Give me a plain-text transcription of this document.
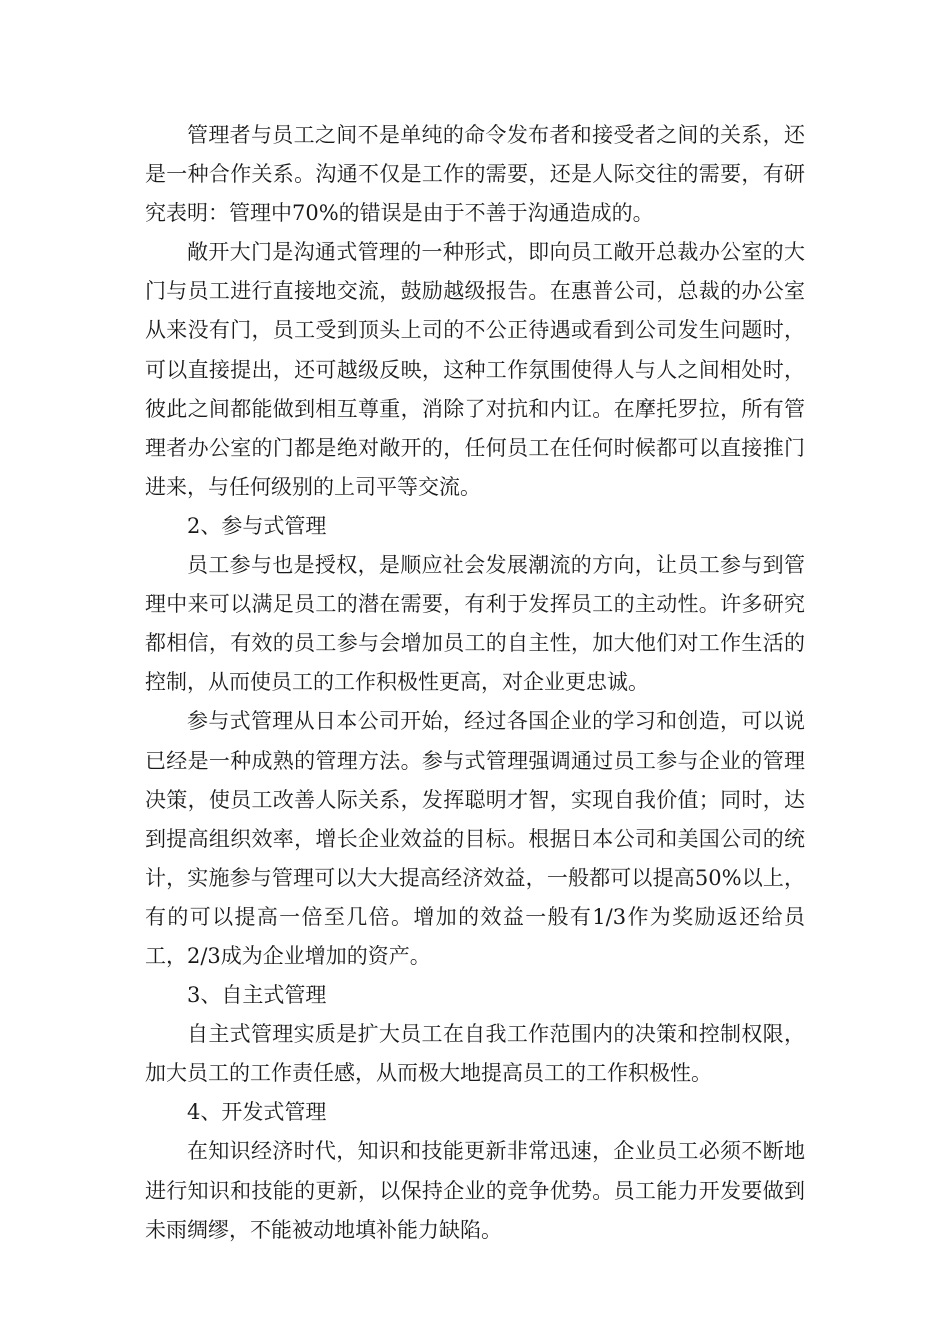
管理者与员工之间不是单纯的命令发布者和接受者之间的关系，还是一种合作关系。沟通不仅是工作的需要，还是人际交往的需要，有研究表明：管理中70%的错误是由于不善于沟通造成的。

敞开大门是沟通式管理的一种形式，即向员工敞开总裁办公室的大门与员工进行直接地交流，鼓励越级报告。在惠普公司，总裁的办公室从来没有门，员工受到顶头上司的不公正待遇或看到公司发生问题时，可以直接提出，还可越级反映，这种工作氛围使得人与人之间相处时，彼此之间都能做到相互尊重，消除了对抗和内讧。在摩托罗拉，所有管理者办公室的门都是绝对敞开的，任何员工在任何时候都可以直接推门进来，与任何级别的上司平等交流。

2、参与式管理

员工参与也是授权，是顺应社会发展潮流的方向，让员工参与到管理中来可以满足员工的潜在需要，有利于发挥员工的主动性。许多研究都相信，有效的员工参与会增加员工的自主性，加大他们对工作生活的控制，从而使员工的工作积极性更高，对企业更忠诚。

参与式管理从日本公司开始，经过各国企业的学习和创造，可以说已经是一种成熟的管理方法。参与式管理强调通过员工参与企业的管理决策，使员工改善人际关系，发挥聪明才智，实现自我价值；同时，达到提高组织效率，增长企业效益的目标。根据日本公司和美国公司的统计，实施参与管理可以大大提高经济效益，一般都可以提高50%以上，有的可以提高一倍至几倍。增加的效益一般有1/3作为奖励返还给员工，2/3成为企业增加的资产。

3、自主式管理

自主式管理实质是扩大员工在自我工作范围内的决策和控制权限，加大员工的工作责任感，从而极大地提高员工的工作积极性。

4、开发式管理

在知识经济时代，知识和技能更新非常迅速，企业员工必须不断地进行知识和技能的更新，以保持企业的竞争优势。员工能力开发要做到未雨绸缪，不能被动地填补能力缺陷。
